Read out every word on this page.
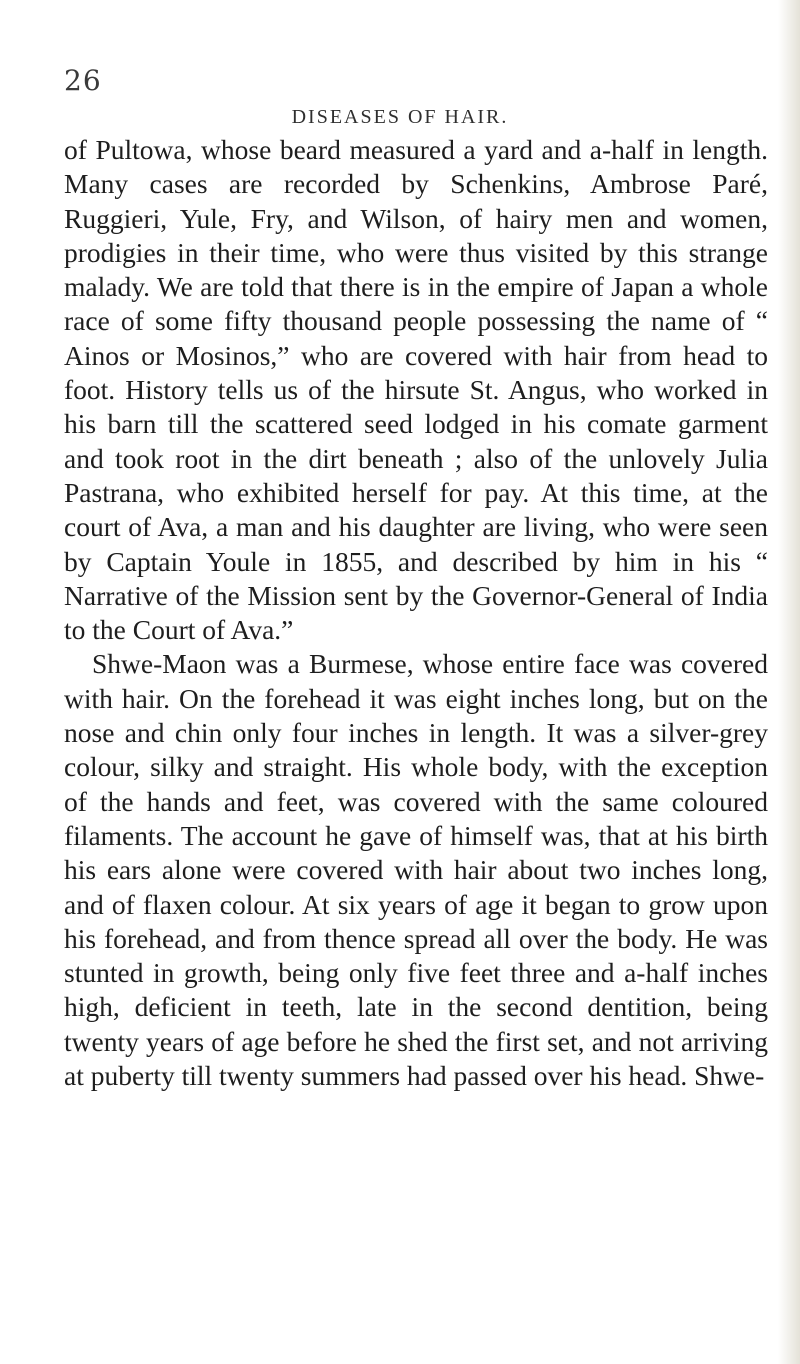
26
DISEASES OF HAIR.

of Pultowa, whose beard measured a yard and a-half in length. Many cases are recorded by Schenkins, Ambrose Paré, Ruggieri, Yule, Fry, and Wilson, of hairy men and women, prodigies in their time, who were thus visited by this strange malady. We are told that there is in the empire of Japan a whole race of some fifty thousand people possessing the name of “ Ainos or Mosinos,” who are covered with hair from head to foot. History tells us of the hirsute St. Angus, who worked in his barn till the scattered seed lodged in his comate garment and took root in the dirt beneath ; also of the unlovely Julia Pastrana, who exhibited herself for pay. At this time, at the court of Ava, a man and his daughter are living, who were seen by Captain Youle in 1855, and described by him in his “ Narrative of the Mission sent by the Governor-General of India to the Court of Ava.”

Shwe-Maon was a Burmese, whose entire face was covered with hair. On the forehead it was eight inches long, but on the nose and chin only four inches in length. It was a silver-grey colour, silky and straight. His whole body, with the exception of the hands and feet, was covered with the same coloured filaments. The account he gave of himself was, that at his birth his ears alone were covered with hair about two inches long, and of flaxen colour. At six years of age it began to grow upon his forehead, and from thence spread all over the body. He was stunted in growth, being only five feet three and a-half inches high, deficient in teeth, late in the second dentition, being twenty years of age before he shed the first set, and not arriving at puberty till twenty summers had passed over his head. Shwe-
